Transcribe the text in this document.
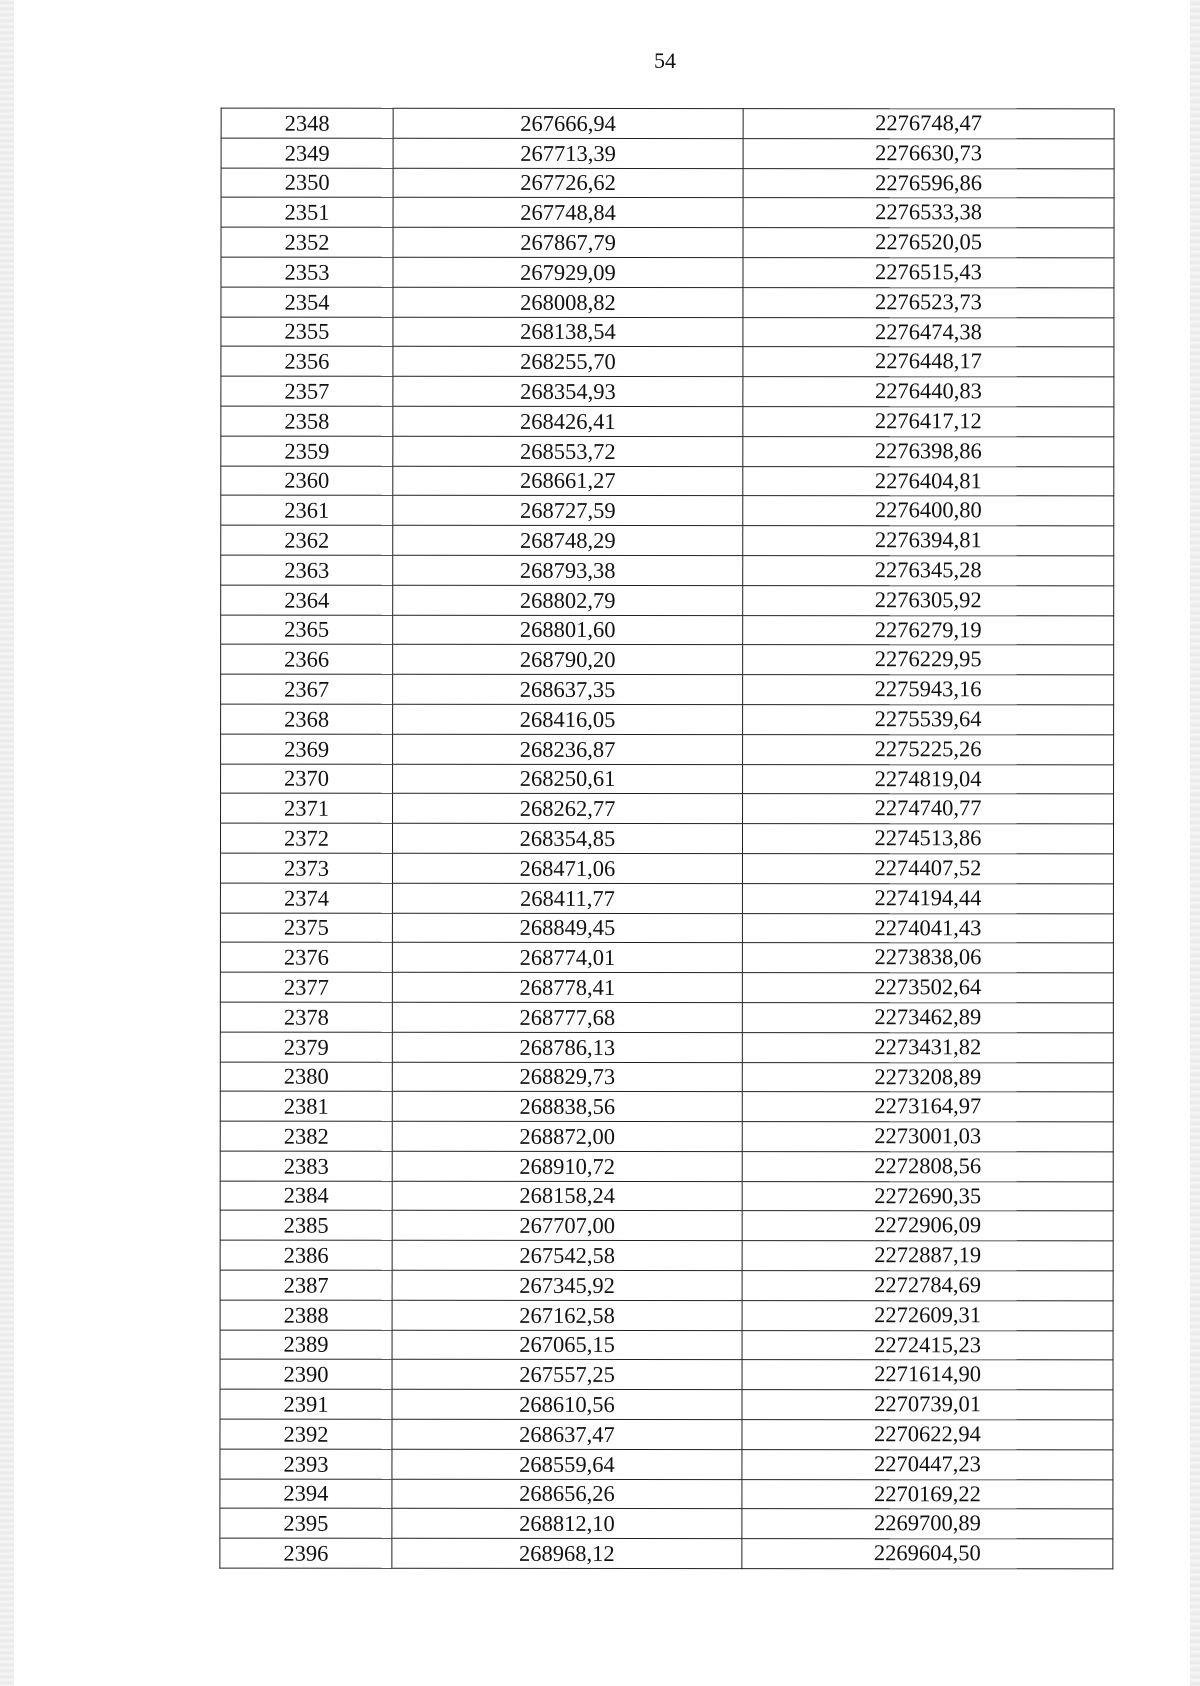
54
2348	267666,94	2276748,47
2349	267713,39	2276630,73
2350	267726,62	2276596,86
2351	267748,84	2276533,38
2352	267867,79	2276520,05
2353	267929,09	2276515,43
2354	268008,82	2276523,73
2355	268138,54	2276474,38
2356	268255,70	2276448,17
2357	268354,93	2276440,83
2358	268426,41	2276417,12
2359	268553,72	2276398,86
2360	268661,27	2276404,81
2361	268727,59	2276400,80
2362	268748,29	2276394,81
2363	268793,38	2276345,28
2364	268802,79	2276305,92
2365	268801,60	2276279,19
2366	268790,20	2276229,95
2367	268637,35	2275943,16
2368	268416,05	2275539,64
2369	268236,87	2275225,26
2370	268250,61	2274819,04
2371	268262,77	2274740,77
2372	268354,85	2274513,86
2373	268471,06	2274407,52
2374	268411,77	2274194,44
2375	268849,45	2274041,43
2376	268774,01	2273838,06
2377	268778,41	2273502,64
2378	268777,68	2273462,89
2379	268786,13	2273431,82
2380	268829,73	2273208,89
2381	268838,56	2273164,97
2382	268872,00	2273001,03
2383	268910,72	2272808,56
2384	268158,24	2272690,35
2385	267707,00	2272906,09
2386	267542,58	2272887,19
2387	267345,92	2272784,69
2388	267162,58	2272609,31
2389	267065,15	2272415,23
2390	267557,25	2271614,90
2391	268610,56	2270739,01
2392	268637,47	2270622,94
2393	268559,64	2270447,23
2394	268656,26	2270169,22
2395	268812,10	2269700,89
2396	268968,12	2269604,50
